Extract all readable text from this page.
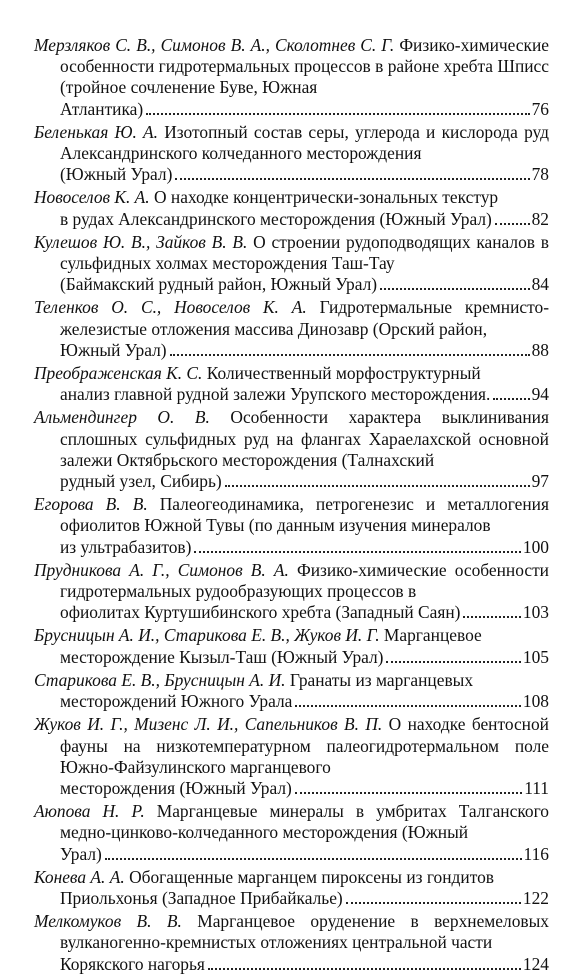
Мерзляков С. В., Симонов В. А., Сколотнев С. Г. Физико-химические особенности гидротермальных процессов в районе хребта Шписс (тройное сочленение Буве, Южная
Атлантика)	76
Беленькая Ю. А. Изотопный состав серы, углерода и кислорода руд Александринского колчеданного месторождения
(Южный Урал)	78
Новоселов К. А. О находке концентрически-зональных текстур
в рудах Александринского месторождения (Южный Урал) 82
Кулешов Ю. В., Зайков В. В. О строении рудоподводящих каналов в сульфидных холмах месторождения Таш-Тау
(Баймакский рудный район, Южный Урал)	84
Теленков О. С., Новоселов К. А. Гидротермальные кремнисто-железистые отложения массива Динозавр (Орский район,
Южный Урал)	88
Преображенская К. С. Количественный морфоструктурный
анализ главной рудной залежи Урупского месторождения. 94
Альмендингер О. В. Особенности характера выклинивания сплошных сульфидных руд на флангах Хараелахской основной залежи Октябрьского месторождения (Талнахский
рудный узел, Сибирь)	97
Егорова В. В. Палеогеодинамика, петрогенезис и металлогения офиолитов Южной Тувы (по данным изучения минералов
из ультрабазитов)	100
Прудникова А. Г., Симонов В. А. Физико-химические особенности гидротермальных рудообразующих процессов в
офиолитах Куртушибинского хребта (Западный Саян)	103
Брусницын А. И., Старикова Е. В., Жуков И. Г. Марганцевое
месторождение Кызыл-Таш (Южный Урал)	105
Старикова Е. В., Брусницын А. И. Гранаты из марганцевых
месторождений Южного Урала	108
Жуков И. Г., Мизенс Л. И., Сапельников В. П. О находке бентосной фауны на низкотемпературном палеогидротермальном поле Южно-Файзулинского марганцевого
месторождения (Южный Урал)	111
Аюпова Н. Р. Марганцевые минералы в умбритах Талганского медно-цинково-колчеданного месторождения (Южный
Урал)	116
Конева А. А. Обогащенные марганцем пироксены из гондитов
Приольхонья (Западное Прибайкалье)	122
Мелкомуков В. В. Марганцевое оруденение в верхнемеловых вулканогенно-кремнистых отложениях центральной части
Корякского нагорья	124
